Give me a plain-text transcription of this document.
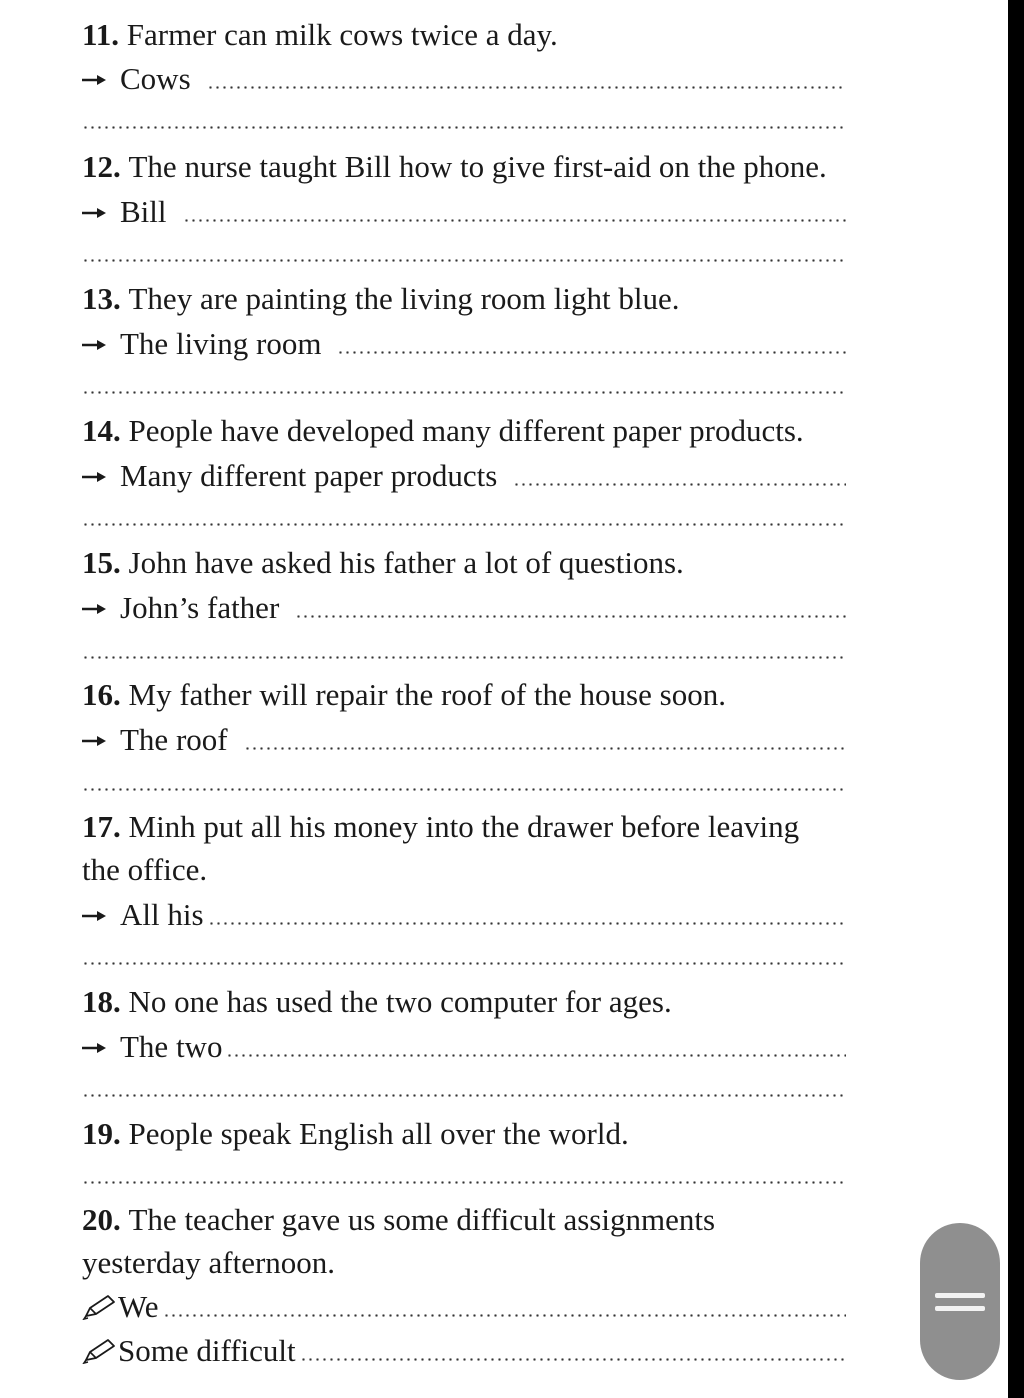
11.
Farmer can milk cows twice a day.
Cows
12.
The nurse taught Bill how to give first-aid on the phone.
Bill
13.
They are painting the living room light blue.
The living room
14.
People have developed many different paper products.
Many different paper products
15.
John have asked his father a lot of questions.
John’s father
16.
My father will repair the roof of the house soon.
The roof
17.
Minh put all his money into the drawer before leaving
the office.
All his
18.
No one has used the two computer for ages.
The two
19.
People speak English all over the world.
20.
The teacher gave us some difficult assignments
yesterday afternoon.
We
Some difficult
